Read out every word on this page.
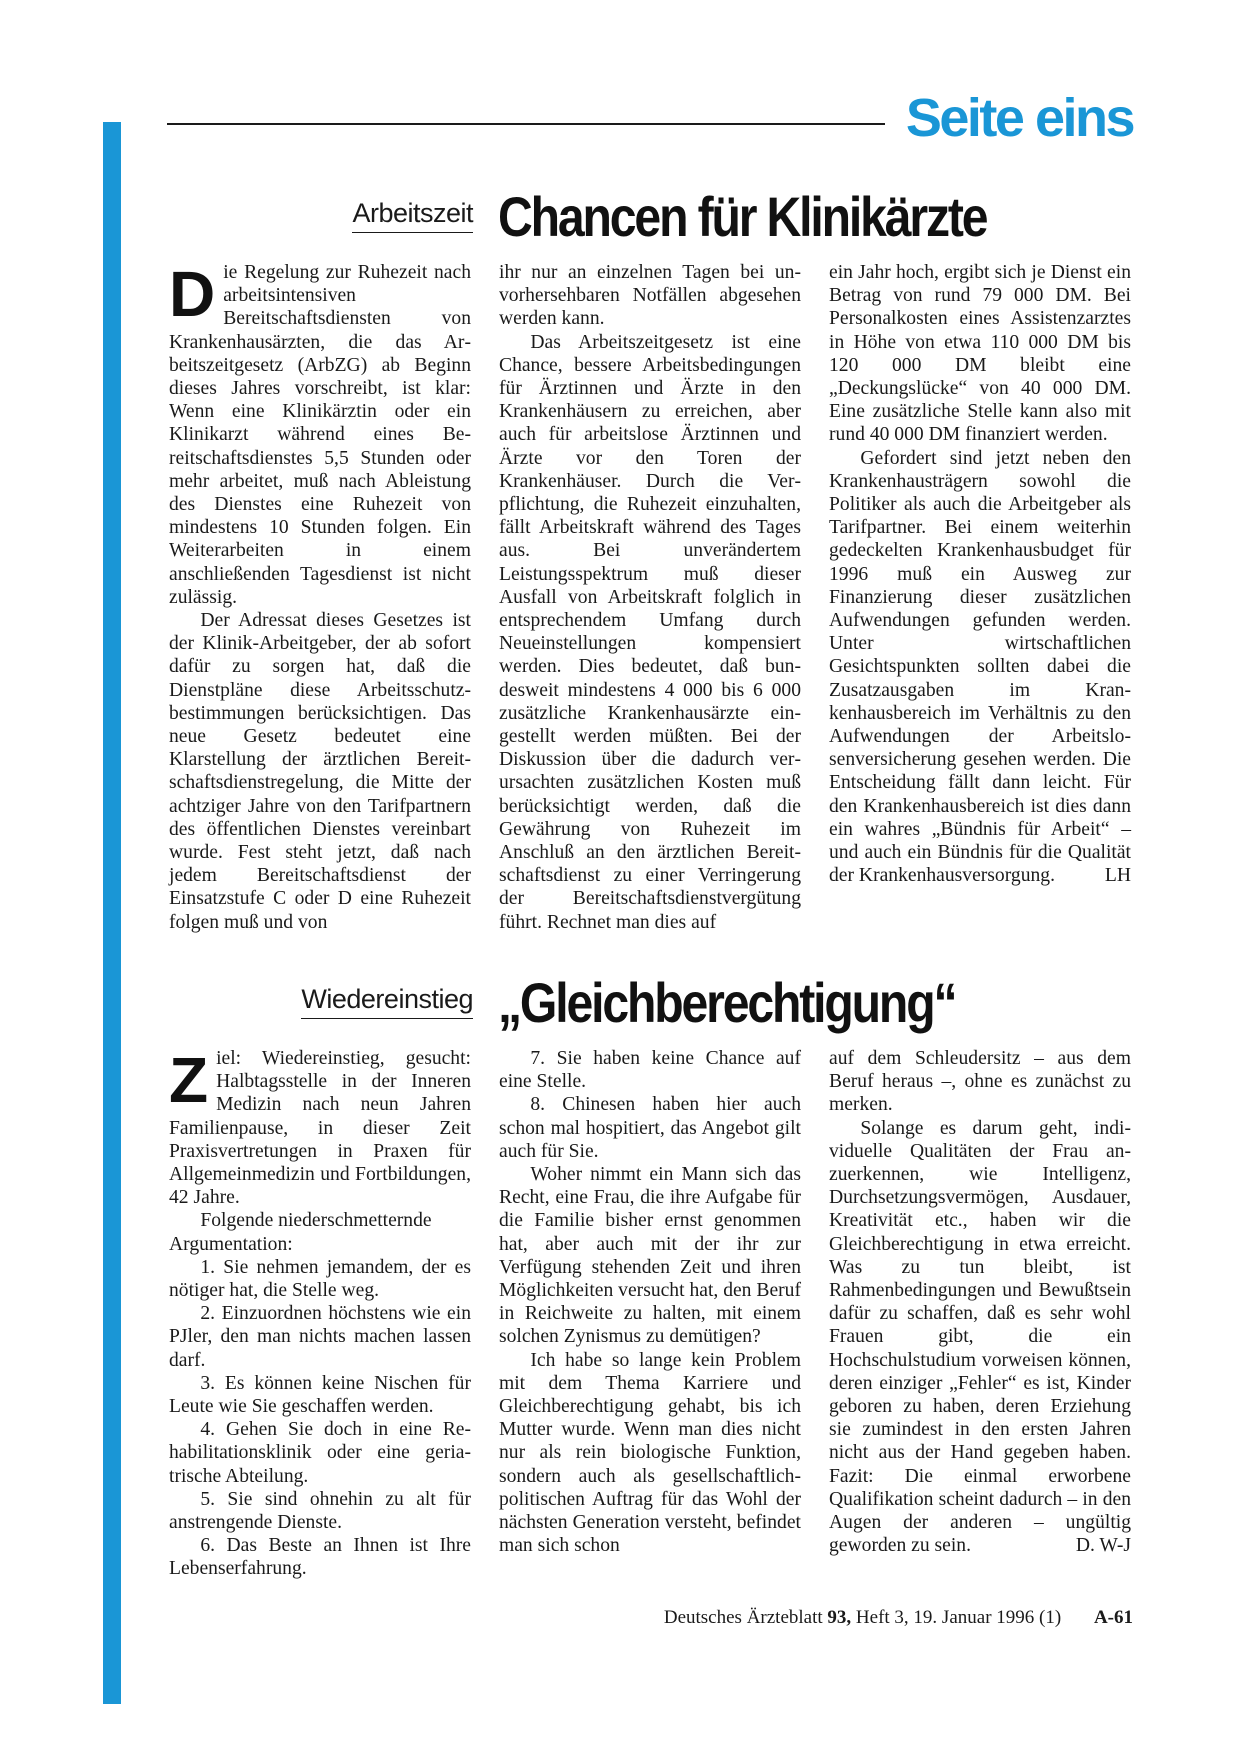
Seite eins
Arbeitszeit Chancen für Klinikärzte

Die Regelung zur Ruhezeit nach arbeitsintensiven Bereitschaftsdiensten von Krankenhausärzten, die das Arbeitszeitgesetz (ArbZG) ab Beginn dieses Jahres vorschreibt, ist klar: Wenn eine Klinikärztin oder ein Klinikarzt während eines Bereitschaftsdienstes 5,5 Stunden oder mehr arbeitet, muß nach Ableistung des Dienstes eine Ruhezeit von mindestens 10 Stunden folgen. Ein Weiterarbeiten in einem anschließenden Tagesdienst ist nicht zulässig.

Der Adressat dieses Gesetzes ist der Klinik-Arbeitgeber, der ab sofort dafür zu sorgen hat, daß die Dienstpläne diese Arbeitsschutzbestimmungen berücksichtigen. Das neue Gesetz bedeutet eine Klarstellung der ärztlichen Bereitschaftsdienstregelung, die Mitte der achtziger Jahre von den Tarifpartnern des öffentlichen Dienstes vereinbart wurde. Fest steht jetzt, daß nach jedem Bereitschaftsdienst der Einsatzstufe C oder D eine Ruhezeit folgen muß und von

ihr nur an einzelnen Tagen bei unvorhersehbaren Notfällen abgesehen werden kann.

Das Arbeitszeitgesetz ist eine Chance, bessere Arbeitsbedingungen für Ärztinnen und Ärzte in den Krankenhäusern zu erreichen, aber auch für arbeitslose Ärztinnen und Ärzte vor den Toren der Krankenhäuser. Durch die Verpflichtung, die Ruhezeit einzuhalten, fällt Arbeitskraft während des Tages aus. Bei unverändertem Leistungsspektrum muß dieser Ausfall von Arbeitskraft folglich in entsprechendem Umfang durch Neueinstellungen kompensiert werden. Dies bedeutet, daß bundesweit mindestens 4 000 bis 6 000 zusätzliche Krankenhausärzte eingestellt werden müßten. Bei der Diskussion über die dadurch verursachten zusätzlichen Kosten muß berücksichtigt werden, daß die Gewährung von Ruhezeit im Anschluß an den ärztlichen Bereitschaftsdienst zu einer Verringerung der Bereitschaftsdienstvergütung führt. Rechnet man dies auf

ein Jahr hoch, ergibt sich je Dienst ein Betrag von rund 79 000 DM. Bei Personalkosten eines Assistenzarztes in Höhe von etwa 110 000 DM bis 120 000 DM bleibt eine „Deckungslücke“ von 40 000 DM. Eine zusätzliche Stelle kann also mit rund 40 000 DM finanziert werden.

Gefordert sind jetzt neben den Krankenhausträgern sowohl die Politiker als auch die Arbeitgeber als Tarifpartner. Bei einem weiterhin gedeckelten Krankenhausbudget für 1996 muß ein Ausweg zur Finanzierung dieser zusätzlichen Aufwendungen gefunden werden. Unter wirtschaftlichen Gesichtspunkten sollten dabei die Zusatzausgaben im Krankenhausbereich im Verhältnis zu den Aufwendungen der Arbeitslosenversicherung gesehen werden. Die Entscheidung fällt dann leicht. Für den Krankenhausbereich ist dies dann ein wahres „Bündnis für Arbeit“ – und auch ein Bündnis für die Qualität der Krankenhausversorgung.	LH

Wiedereinstieg „Gleichberechtigung“

Ziel: Wiedereinstieg, gesucht: Halbtagsstelle in der Inneren Medizin nach neun Jahren Familienpause, in dieser Zeit Praxisvertretungen in Praxen für Allgemeinmedizin und Fortbildungen, 42 Jahre.

Folgende niederschmetternde

Argumentation:

1. Sie nehmen jemandem, der es nötiger hat, die Stelle weg.

2. Einzuordnen höchstens wie ein PJler, den man nichts machen lassen darf.

3. Es können keine Nischen für Leute wie Sie geschaffen werden.

4. Gehen Sie doch in eine Rehabilitationsklinik oder eine geriatrische Abteilung.

5. Sie sind ohnehin zu alt für anstrengende Dienste.

6. Das Beste an Ihnen ist Ihre Lebenserfahrung.

7. Sie haben keine Chance auf eine Stelle.

8. Chinesen haben hier auch schon mal hospitiert, das Angebot gilt auch für Sie.

Woher nimmt ein Mann sich das Recht, eine Frau, die ihre Aufgabe für die Familie bisher ernst genommen hat, aber auch mit der ihr zur Verfügung stehenden Zeit und ihren Möglichkeiten versucht hat, den Beruf in Reichweite zu halten, mit einem solchen Zynismus zu demütigen?

Ich habe so lange kein Problem mit dem Thema Karriere und Gleichberechtigung gehabt, bis ich Mutter wurde. Wenn man dies nicht nur als rein biologische Funktion, sondern auch als gesellschaftlich-politischen Auftrag für das Wohl der nächsten Generation versteht, befindet man sich schon

auf dem Schleudersitz – aus dem Beruf heraus –, ohne es zunächst zu merken.

Solange es darum geht, individuelle Qualitäten der Frau anzuerkennen, wie Intelligenz, Durchsetzungsvermögen, Ausdauer, Kreativität etc., haben wir die Gleichberechtigung in etwa erreicht. Was zu tun bleibt, ist Rahmenbedingungen und Bewußtsein dafür zu schaffen, daß es sehr wohl Frauen gibt, die ein Hochschulstudium vorweisen können, deren einziger „Fehler“ es ist, Kinder geboren zu haben, deren Erziehung sie zumindest in den ersten Jahren nicht aus der Hand gegeben haben. Fazit: Die einmal erworbene Qualifikation scheint dadurch – in den Augen der anderen – ungültig geworden zu sein.	D. W-J

Deutsches Ärzteblatt 93, Heft 3, 19. Januar 1996 (1) A-61
